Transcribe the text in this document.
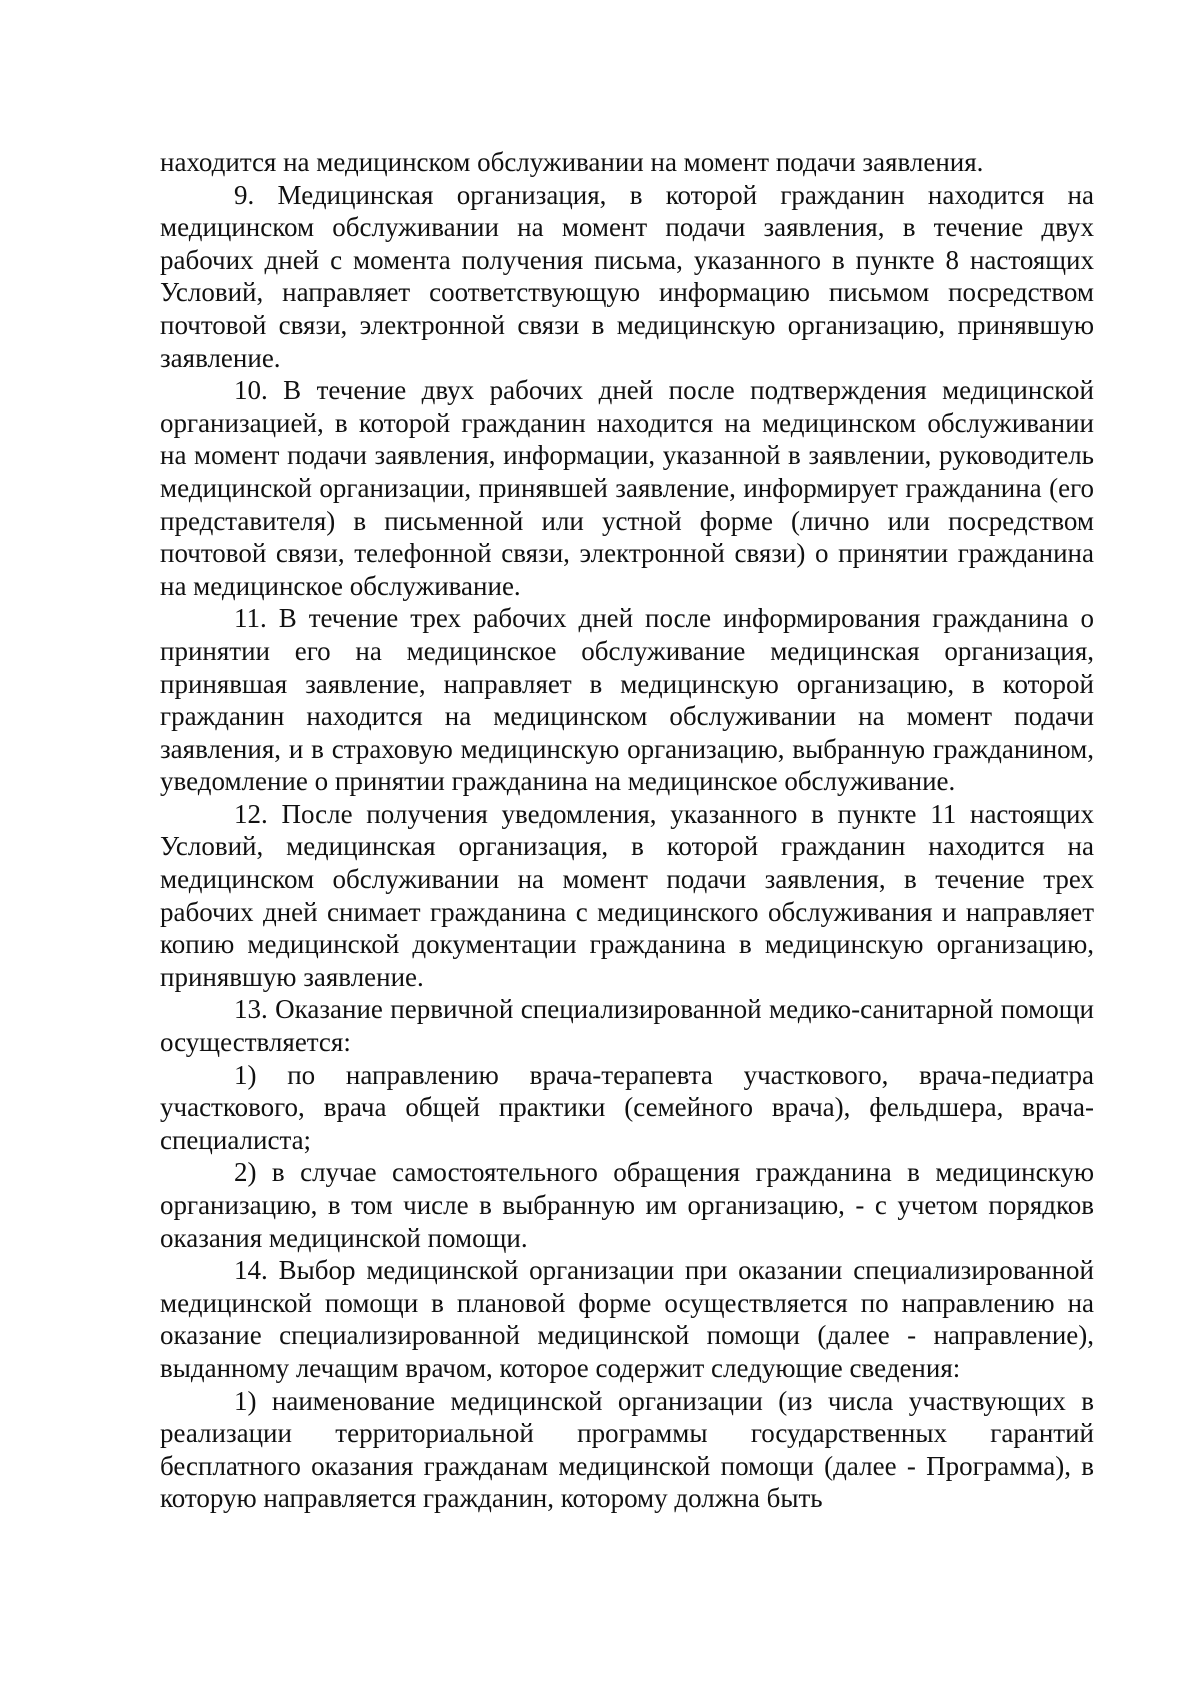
находится на медицинском обслуживании на момент подачи заявления.

9. Медицинская организация, в которой гражданин находится на медицинском обслуживании на момент подачи заявления, в течение двух рабочих дней с момента получения письма, указанного в пункте 8 настоящих Условий, направляет соответствующую информацию письмом посредством почтовой связи, электронной связи в медицинскую организацию, принявшую заявление.

10. В течение двух рабочих дней после подтверждения медицинской организацией, в которой гражданин находится на медицинском обслуживании на момент подачи заявления, информации, указанной в заявлении, руководитель медицинской организации, принявшей заявление, информирует гражданина (его представителя) в письменной или устной форме (лично или посредством почтовой связи, телефонной связи, электронной связи) о принятии гражданина на медицинское обслуживание.

11. В течение трех рабочих дней после информирования гражданина о принятии его на медицинское обслуживание медицинская организация, принявшая заявление, направляет в медицинскую организацию, в которой гражданин находится на медицинском обслуживании на момент подачи заявления, и в страховую медицинскую организацию, выбранную гражданином, уведомление о принятии гражданина на медицинское обслуживание.

12. После получения уведомления, указанного в пункте 11 настоящих Условий, медицинская организация, в которой гражданин находится на медицинском обслуживании на момент подачи заявления, в течение трех рабочих дней снимает гражданина с медицинского обслуживания и направляет копию медицинской документации гражданина в медицинскую организацию, принявшую заявление.

13. Оказание первичной специализированной медико-санитарной помощи осуществляется:

1) по направлению врача-терапевта участкового, врача-педиатра участкового, врача общей практики (семейного врача), фельдшера, врача-специалиста;

2) в случае самостоятельного обращения гражданина в медицинскую организацию, в том числе в выбранную им организацию, - с учетом порядков оказания медицинской помощи.

14. Выбор медицинской организации при оказании специализированной медицинской помощи в плановой форме осуществляется по направлению на оказание специализированной медицинской помощи (далее - направление), выданному лечащим врачом, которое содержит следующие сведения:

1) наименование медицинской организации (из числа участвующих в реализации территориальной программы государственных гарантий бесплатного оказания гражданам медицинской помощи (далее - Программа), в которую направляется гражданин, которому должна быть
